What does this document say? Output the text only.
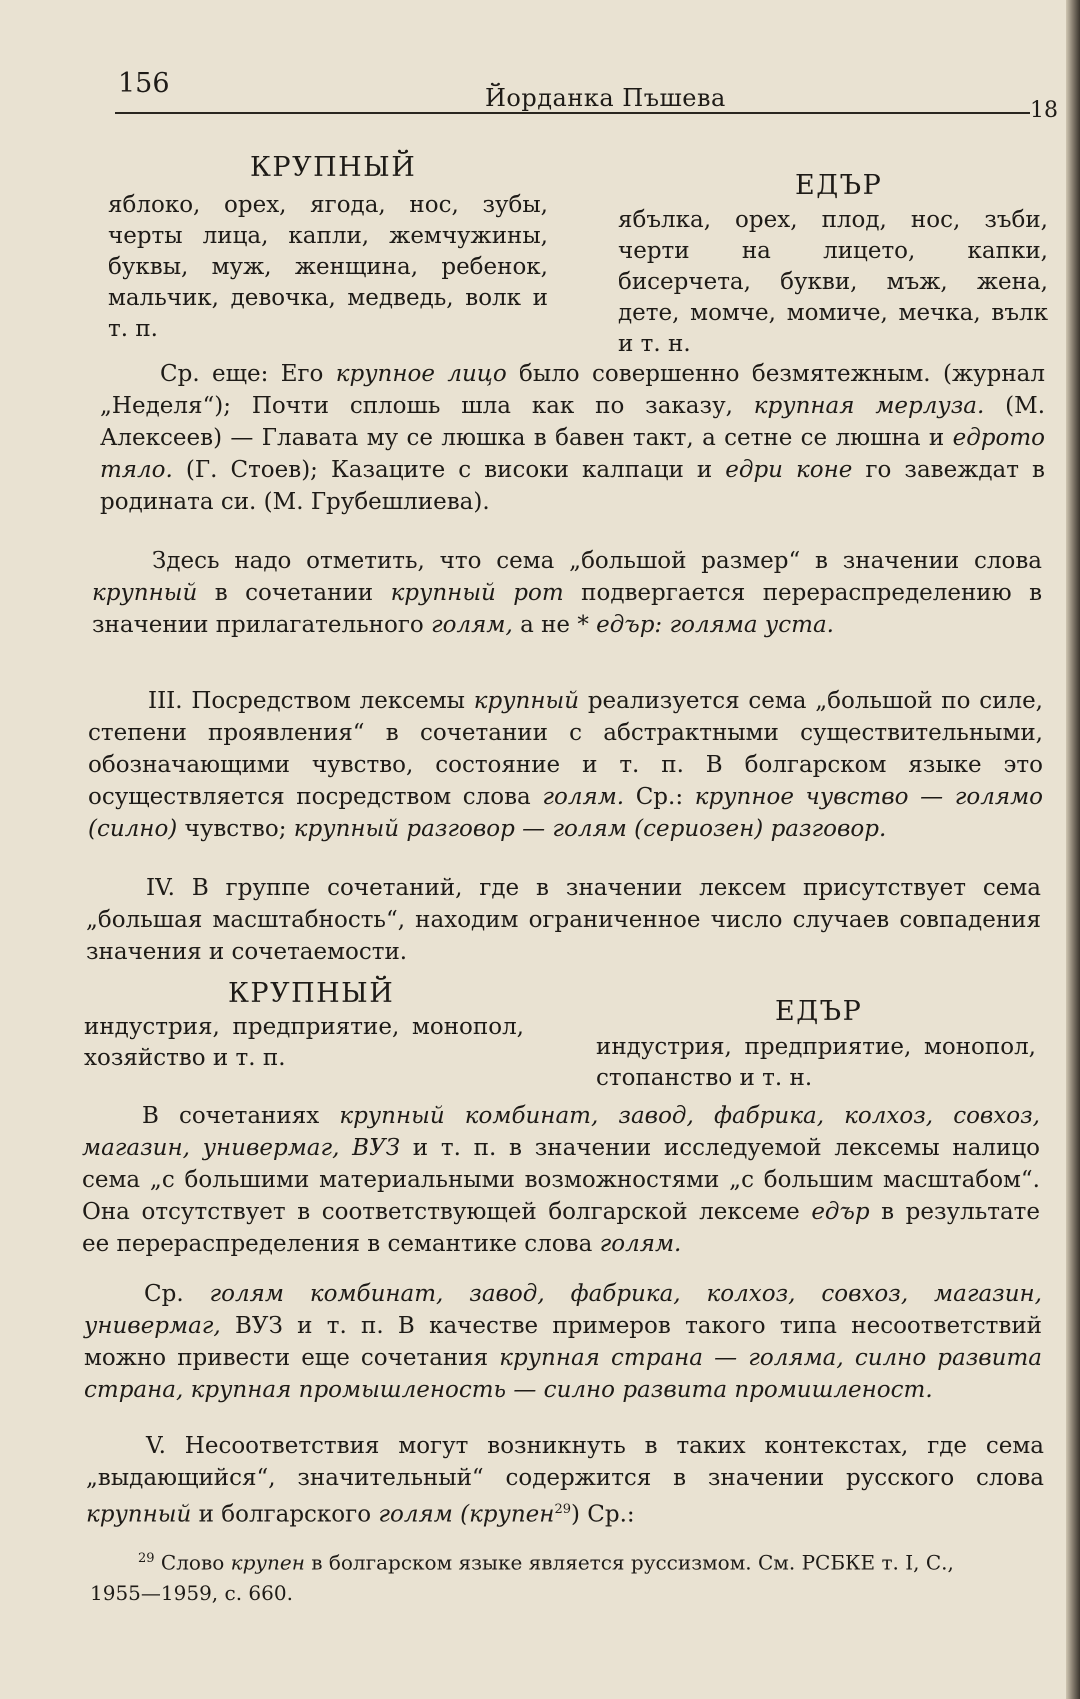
156	Йорданка Пъшева	18
КРУПНЫЙ
яблоко, орех, ягода, нос, зубы, черты лица, капли, жемчужины, буквы, муж, женщина, ребенок, мальчик, девочка, медведь, волк и т. п.
ЕДЪР
ябълка, орех, плод, нос, зъби, черти на лицето, капки, бисерчета, букви, мъж, жена, дете, момче, момиче, мечка, вълк и т. н.
Ср. еще: Его крупное лицо было совершенно безмятежным. (журнал „Неделя“); Почти сплошь шла как по заказу, крупная мерлуза. (М. Алексеев) — Главата му се люшка в бавен такт, а сетне се люшна и едрото тяло. (Г. Стоев); Казаците с високи калпаци и едри коне го завеждат в родината си. (М. Грубешлиева).
Здесь надо отметить, что сема „большой размер“ в значении слова крупный в сочетании крупный рот подвергается перераспределению в значении прилагательного голям, а не * едър: голяма уста.
III. Посредством лексемы крупный реализуется сема „большой по силе, степени проявления“ в сочетании с абстрактными существительными, обозначающими чувство, состояние и т. п. В болгарском языке это осуществляется посредством слова голям. Ср.: крупное чувство — голямо (силно) чувство; крупный разговор — голям (сериозен) разговор.
IV. В группе сочетаний, где в значении лексем присутствует сема „большая масштабность“, находим ограниченное число случаев совпадения значения и сочетаемости.
КРУПНЫЙ
индустрия, предприятие, монопол, хозяйство и т. п.
ЕДЪР
индустрия, предприятие, монопол, стопанство и т. н.
В сочетаниях крупный комбинат, завод, фабрика, колхоз, совхоз, магазин, универмаг, ВУЗ и т. п. в значении исследуемой лексемы налицо сема „с большими материальными возможностями „с большим масштабом“. Она отсутствует в соответствующей болгарской лексеме едър в результате ее перераспределения в семантике слова голям.
Ср. голям комбинат, завод, фабрика, колхоз, совхоз, магазин, универмаг, ВУЗ и т. п. В качестве примеров такого типа несоответствий можно привести еще сочетания крупная страна — голяма, силно развита страна, крупная промышленость — силно развита промишленост.
V. Несоответствия могут возникнуть в таких контекстах, где сема „выдающийся“, значительный“ содержится в значении русского слова крупный и болгарского голям (крупен$^{29}$) Ср.:
$^{29}$ Слово крупен в болгарском языке является руссизмом. См. РСБКЕ т. I, С., 1955—1959, с. 660.
